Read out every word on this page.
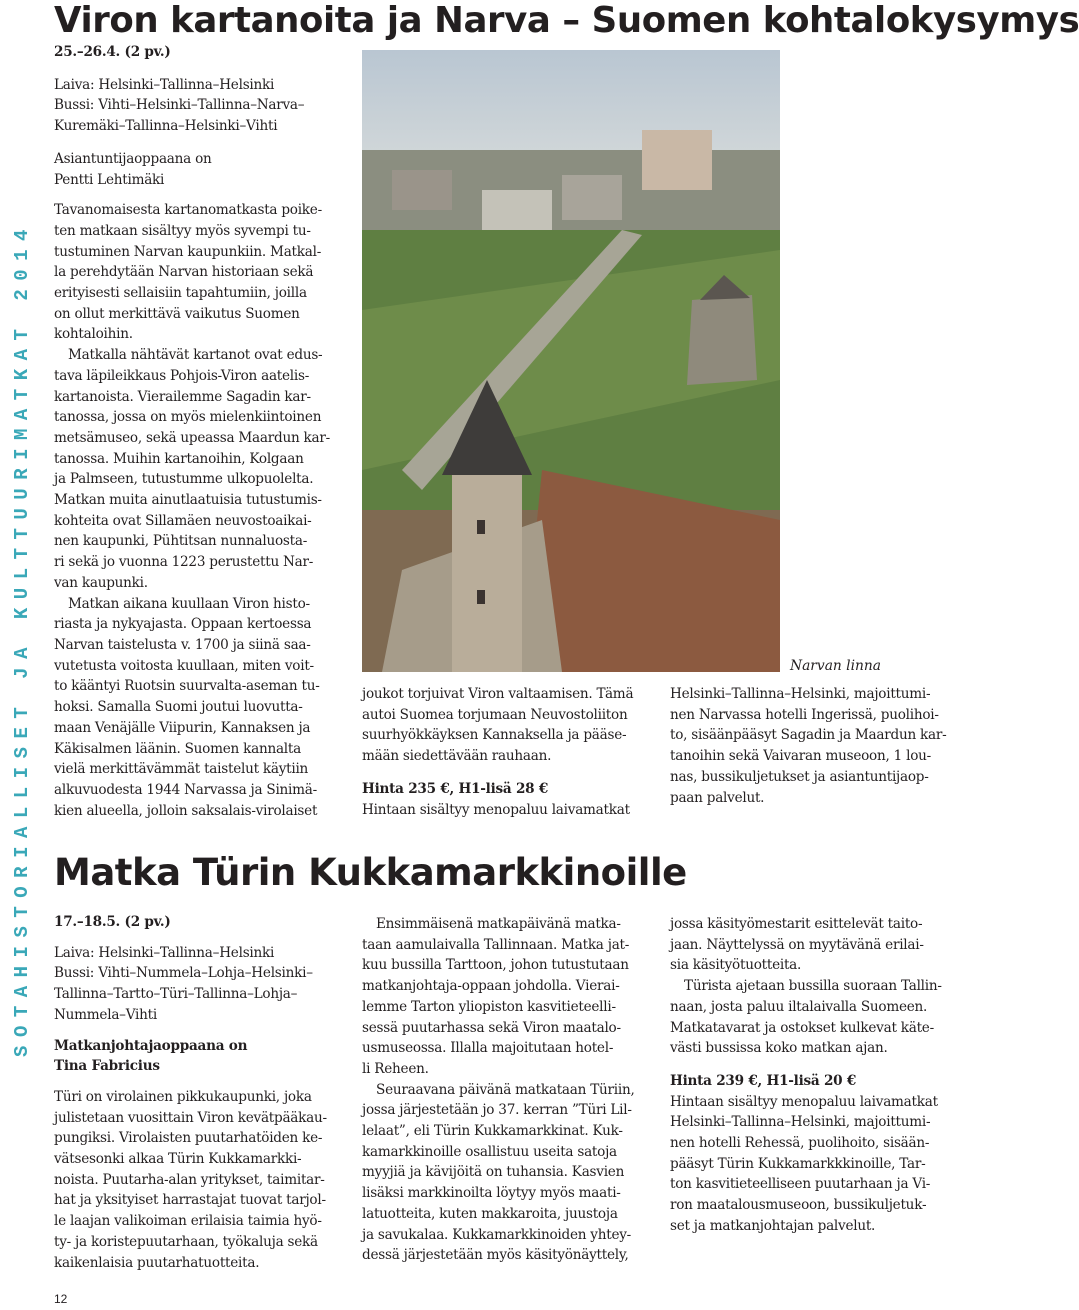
SOTAHISTORIALLISET JA KULTTUURIMATKAT 2014
Viron kartanoita ja Narva – Suomen kohtalokysymys

25.–26.4. (2 pv.)

Laiva: Helsinki–Tallinna–Helsinki

Bussi: Vihti–Helsinki–Tallinna–Narva–

Kuremäki–Tallinna–Helsinki–Vihti

Asiantuntijaoppaana on

Pentti Lehtimäki

Tavanomaisesta kartanomatkasta poike-

ten matkaan sisältyy myös syvempi tu-

tustuminen Narvan kaupunkiin. Matkal-

la perehdytään Narvan historiaan sekä

erityisesti sellaisiin tapahtumiin, joilla

on ollut merkittävä vaikutus Suomen

kohtaloihin.

Matkalla nähtävät kartanot ovat edus-

tava läpileikkaus Pohjois-Viron aatelis-

kartanoista. Vierailemme Sagadin kar-

tanossa, jossa on myös mielenkiintoinen

metsämuseo, sekä upeassa Maardun kar-

tanossa. Muihin kartanoihin, Kolgaan

ja Palmseen, tutustumme ulkopuolelta.

Matkan muita ainutlaatuisia tutustumis-

kohteita ovat Sillamäen neuvostoaikai-

nen kaupunki, Pühtitsan nunnaluosta-

ri sekä jo vuonna 1223 perustettu Nar-

van kaupunki.

Matkan aikana kuullaan Viron histo-

riasta ja nykyajasta. Oppaan kertoessa

Narvan taistelusta v. 1700 ja siinä saa-

vutetusta voitosta kuullaan, miten voit-

to kääntyi Ruotsin suurvalta-aseman tu-

hoksi. Samalla Suomi joutui luovutta-

maan Venäjälle Viipurin, Kannaksen ja

Käkisalmen läänin. Suomen kannalta

vielä merkittävämmät taistelut käytiin

alkuvuodesta 1944 Narvassa ja Sinimä-

kien alueella, jolloin saksalais-virolaiset

Narvan linna

joukot torjuivat Viron valtaamisen. Tämä

autoi Suomea torjumaan Neuvostoliiton

suurhyökkäyksen Kannaksella ja pääse-

mään siedettävään rauhaan.

Hinta 235 €, H1-lisä 28 €

Hintaan sisältyy menopaluu laivamatkat

Helsinki–Tallinna–Helsinki, majoittumi-

nen Narvassa hotelli Ingerissä, puolihoi-

to, sisäänpääsyt Sagadin ja Maardun kar-

tanoihin sekä Vaivaran museoon, 1 lou-

nas, bussikuljetukset ja asiantuntijaop-

paan palvelut.

Matka Türin Kukkamarkkinoille

17.–18.5. (2 pv.)

Laiva: Helsinki–Tallinna–Helsinki

Bussi: Vihti–Nummela–Lohja–Helsinki–

Tallinna–Tartto–Türi–Tallinna–Lohja–

Nummela–Vihti

Matkanjohtajaoppaana on

Tina Fabricius

Türi on virolainen pikkukaupunki, joka

julistetaan vuosittain Viron kevätpääkau-

pungiksi. Virolaisten puutarhatöiden ke-

vätsesonki alkaa Türin Kukkamarkki-

noista. Puutarha-alan yritykset, taimitar-

hat ja yksityiset harrastajat tuovat tarjol-

le laajan valikoiman erilaisia taimia hyö-

ty- ja koristepuutarhaan, työkaluja sekä

kaikenlaisia puutarhatuotteita.

Ensimmäisenä matkapäivänä matka-

taan aamulaivalla Tallinnaan. Matka jat-

kuu bussilla Tarttoon, johon tutustutaan

matkanjohtaja-oppaan johdolla. Vierai-

lemme Tarton yliopiston kasvitieteelli-

sessä puutarhassa sekä Viron maatalo-

usmuseossa. Illalla majoitutaan hotel-

li Reheen.

Seuraavana päivänä matkataan Türiin,

jossa järjestetään jo 37. kerran ”Türi Lil-

lelaat”, eli Türin Kukkamarkkinat. Kuk-

kamarkkinoille osallistuu useita satoja

myyjiä ja kävijöitä on tuhansia. Kasvien

lisäksi markkinoilta löytyy myös maati-

latuotteita, kuten makkaroita, juustoja

ja savukalaa. Kukkamarkkinoiden yhtey-

dessä järjestetään myös käsityönäyttely,

jossa käsityömestarit esittelevät taito-

jaan. Näyttelyssä on myytävänä erilai-

sia käsityötuotteita.

Türista ajetaan bussilla suoraan Tallin-

naan, josta paluu iltalaivalla Suomeen.

Matkatavarat ja ostokset kulkevat käte-

västi bussissa koko matkan ajan.

Hinta 239 €, H1-lisä 20 €

Hintaan sisältyy menopaluu laivamatkat

Helsinki–Tallinna–Helsinki, majoittumi-

nen hotelli Rehessä, puolihoito, sisään-

pääsyt Türin Kukkamarkkkinoille, Tar-

ton kasvitieteelliseen puutarhaan ja Vi-

ron maatalousmuseoon, bussikuljetuk-

set ja matkanjohtajan palvelut.

12
